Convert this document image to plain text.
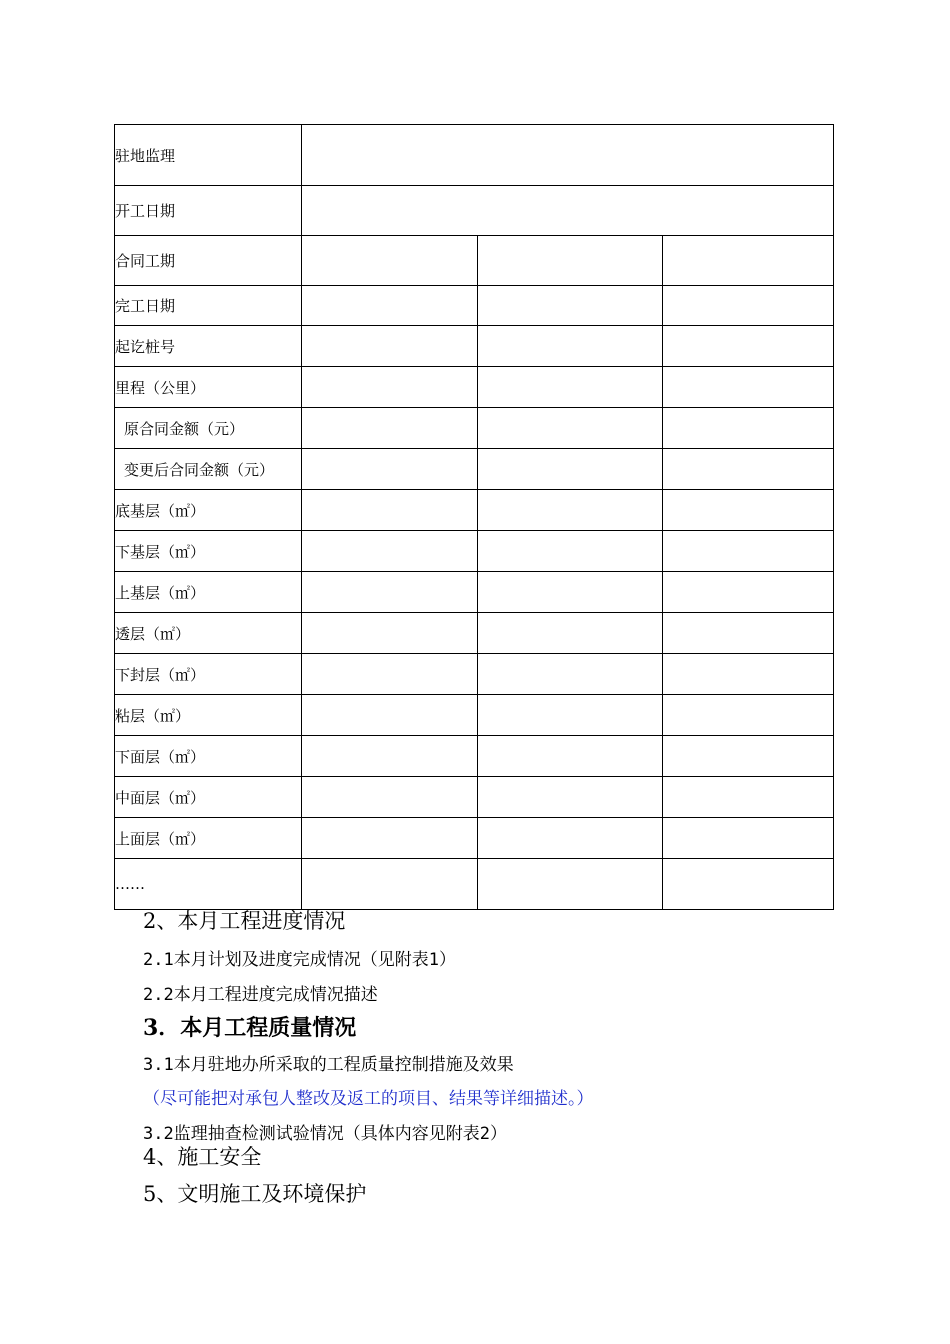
驻地监理			
开工日期			
合同工期			
完工日期			
起讫桩号			
里程（公里）			
原合同金额（元）			
变更后合同金额（元）			
底基层（㎡）			
下基层（㎡）			
上基层（㎡）			
透层（㎡）			
下封层（㎡）			
粘层（㎡）			
下面层（㎡）			
中面层（㎡）			
上面层（㎡）			
……			
2、本月工程进度情况
2.1本月计划及进度完成情况（见附表1）
2.2本月工程进度完成情况描述
3．本月工程质量情况
3.1本月驻地办所采取的工程质量控制措施及效果
（尽可能把对承包人整改及返工的项目、结果等详细描述。）
3.2监理抽查检测试验情况（具体内容见附表2）
4、施工安全
5、文明施工及环境保护
